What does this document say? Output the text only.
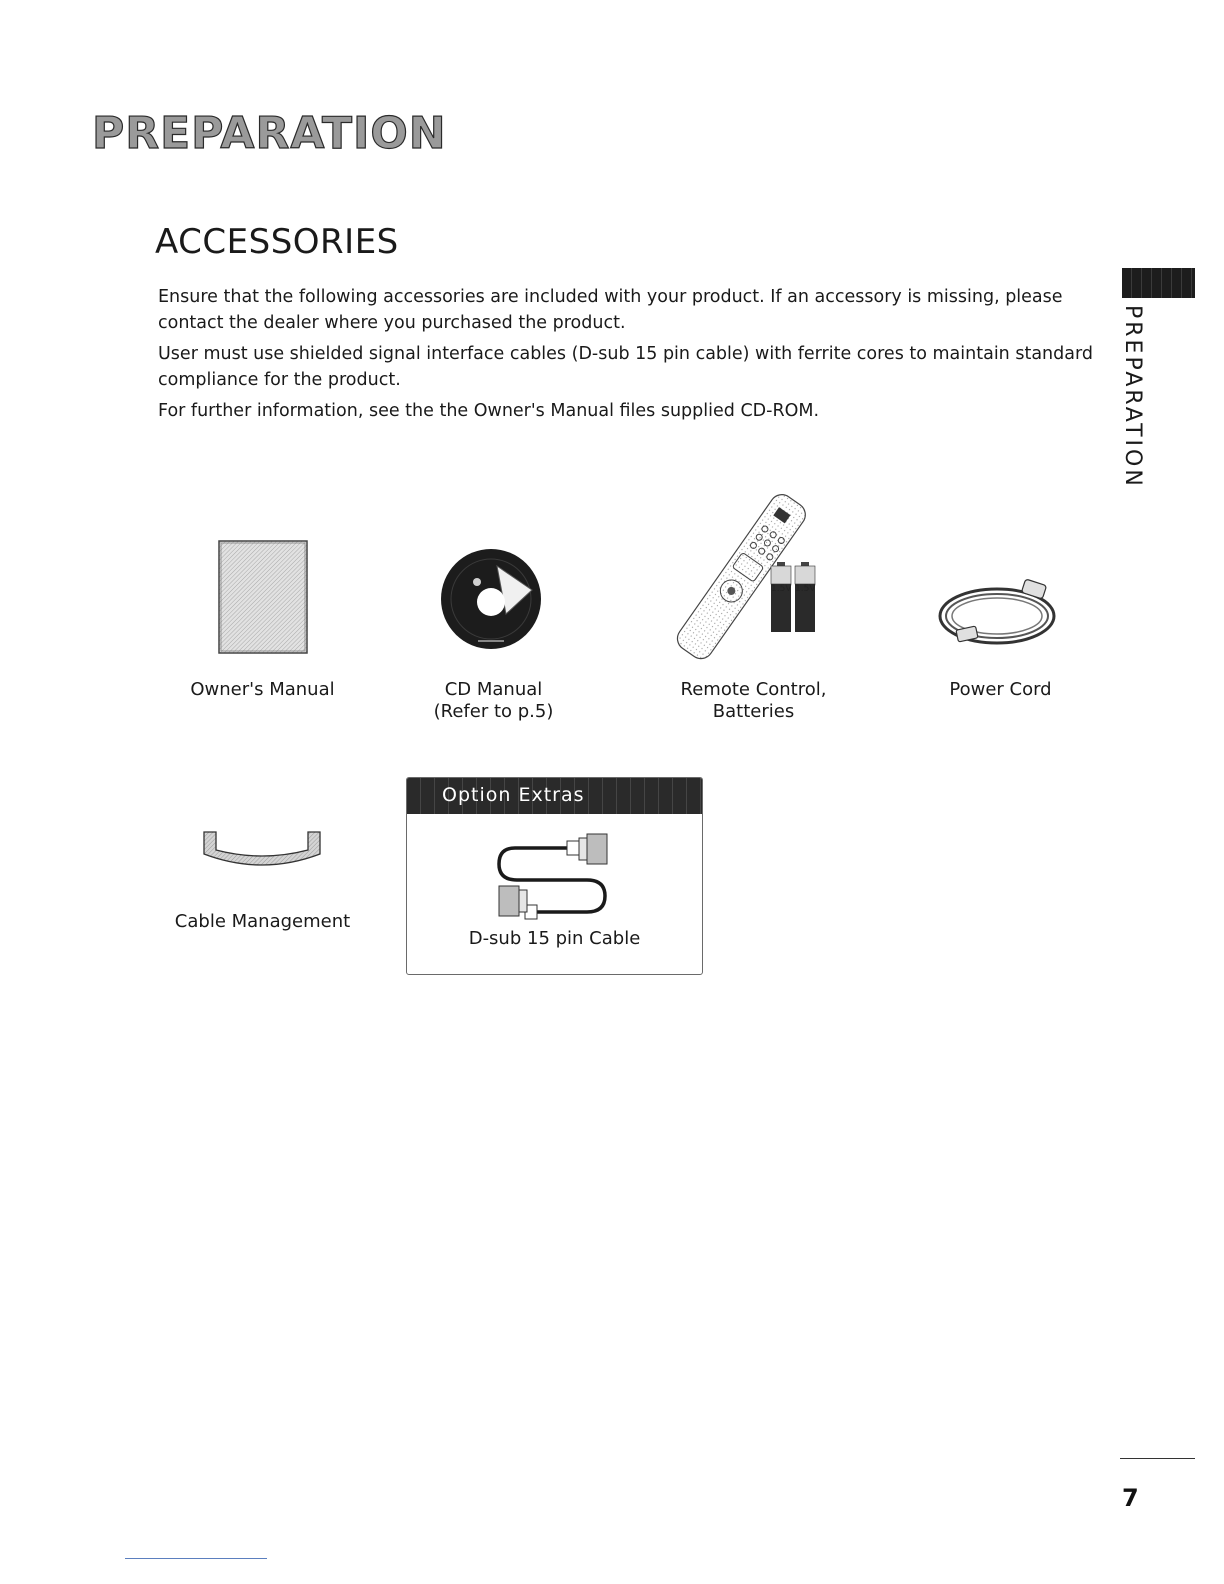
PREPARATION
PREPARATION
ACCESSORIES

Ensure that the following accessories are included with your product. If an accessory is missing, please contact the dealer where you purchased the product.

User must use shielded signal interface cables (D-sub 15 pin cable) with ferrite cores to maintain standard compliance for the product.

For further information, see the the Owner's Manual files supplied CD-ROM.

Owner's Manual	CD Manual
(Refer to p.5)
1.5V 1.5V
Remote Control,
Batteries
Power Cord
Cable Management
Option Extras
D-sub 15 pin Cable
7
